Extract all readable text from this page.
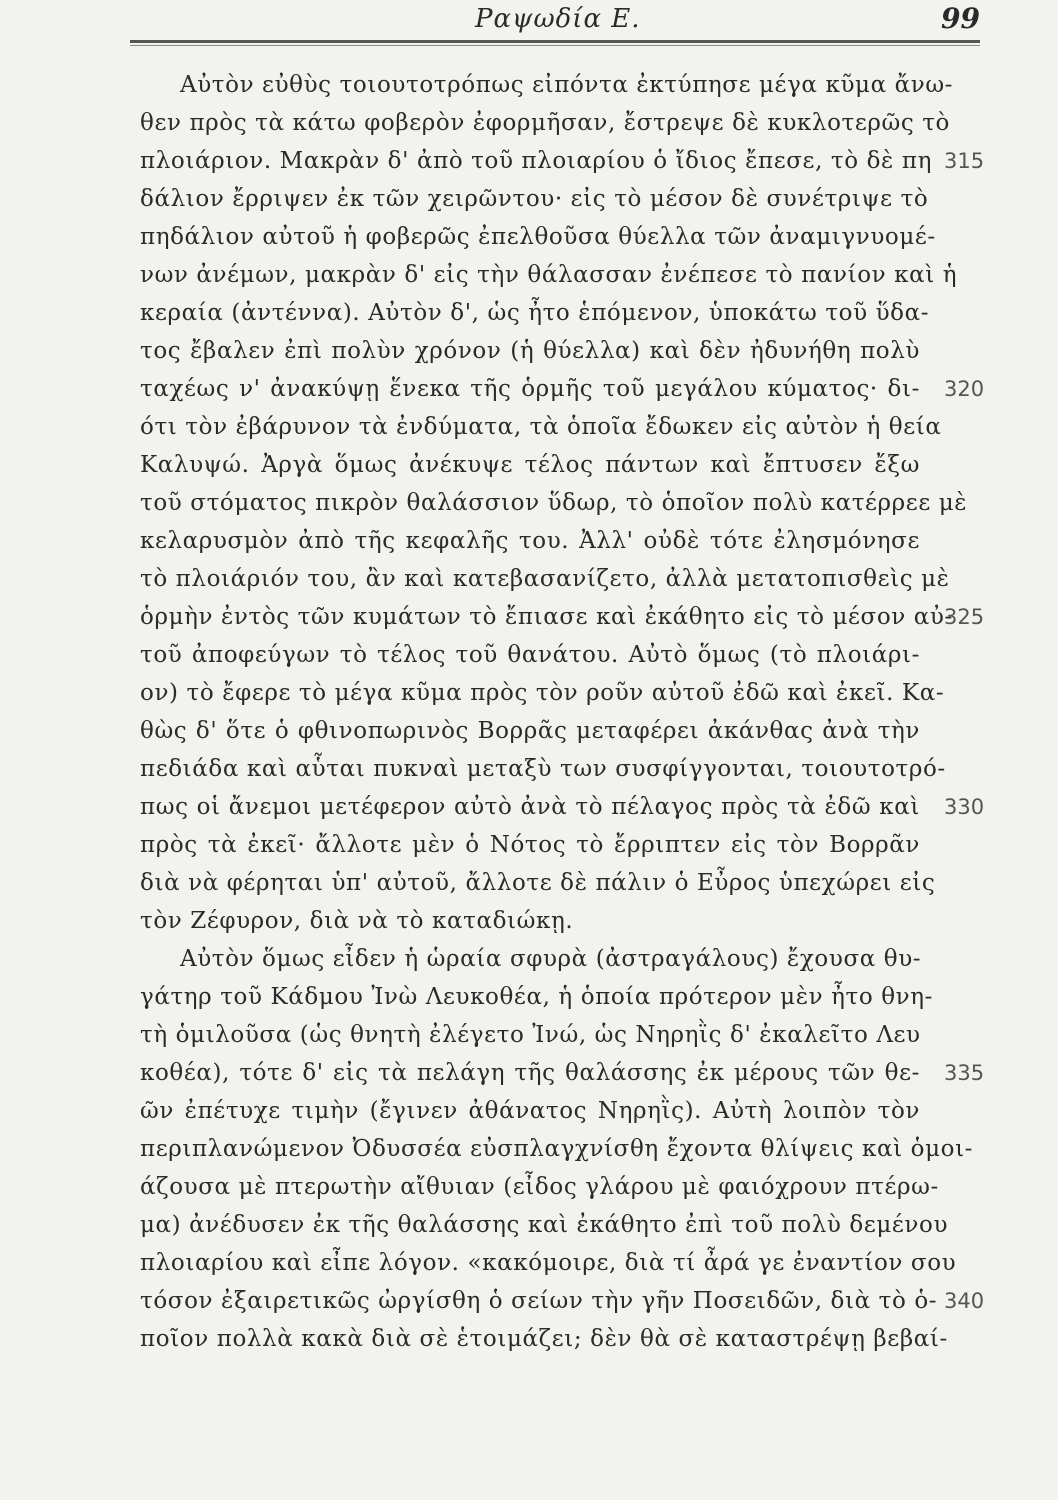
Ραψωδία Ε.	99
Αὐτὸν εὐθὺς τοιουτοτρόπως εἰπόντα ἐκτύπησε μέγα κῦμα ἄνω-
θεν πρὸς τὰ κάτω φοβερὸν ἐφορμῆσαν, ἔστρεψε δὲ κυκλοτερῶς τὸ
πλοιάριον. Μακρὰν δ' ἀπὸ τοῦ πλοιαρίου ὁ ἴδιος ἔπεσε, τὸ δὲ πη
δάλιον ἔρριψεν ἐκ τῶν χειρῶντου· εἰς τὸ μέσον δὲ συνέτριψε τὸ
πηδάλιον αὐτοῦ ἡ φοβερῶς ἐπελθοῦσα θύελλα τῶν ἀναμιγνυομέ-
νων ἀνέμων, μακρὰν δ' εἰς τὴν θάλασσαν ἐνέπεσε τὸ πανίον καὶ ἡ
κεραία (ἀντέννα). Αὐτὸν δ', ὡς ἦτο ἑπόμενον, ὑποκάτω τοῦ ὕδα-
τος ἔβαλεν ἐπὶ πολὺν χρόνον (ἡ θύελλα) καὶ δὲν ἠδυνήθη πολὺ
ταχέως ν' ἀνακύψῃ ἕνεκα τῆς ὁρμῆς τοῦ μεγάλου κύματος· δι-
ότι τὸν ἐβάρυνον τὰ ἐνδύματα, τὰ ὁποῖα ἔδωκεν εἰς αὐτὸν ἡ θεία
Καλυψώ. Ἀργὰ ὅμως ἀνέκυψε τέλος πάντων καὶ ἔπτυσεν ἔξω
τοῦ στόματος πικρὸν θαλάσσιον ὕδωρ, τὸ ὁποῖον πολὺ κατέρρεε μὲ
κελαρυσμὸν ἀπὸ τῆς κεφαλῆς του. Ἀλλ' οὐδὲ τότε ἐλησμόνησε
τὸ πλοιάριόν του, ἂν καὶ κατεβασανίζετο, ἀλλὰ μετατοπισθεὶς μὲ
ὁρμὴν ἐντὸς τῶν κυμάτων τὸ ἔπιασε καὶ ἐκάθητο εἰς τὸ μέσον αὐ-
τοῦ ἀποφεύγων τὸ τέλος τοῦ θανάτου. Αὐτὸ ὅμως (τὸ πλοιάρι-
ον) τὸ ἔφερε τὸ μέγα κῦμα πρὸς τὸν ροῦν αὐτοῦ ἐδῶ καὶ ἐκεῖ. Κα-
θὼς δ' ὅτε ὁ φθινοπωρινὸς Βορρᾶς μεταφέρει ἀκάνθας ἀνὰ τὴν
πεδιάδα καὶ αὗται πυκναὶ μεταξὺ των συσφίγγονται, τοιουτοτρό-
πως οἱ ἄνεμοι μετέφερον αὐτὸ ἀνὰ τὸ πέλαγος πρὸς τὰ ἐδῶ καὶ
πρὸς τὰ ἐκεῖ· ἄλλοτε μὲν ὁ Νότος τὸ ἔρριπτεν εἰς τὸν Βορρᾶν
διὰ νὰ φέρηται ὑπ' αὐτοῦ, ἄλλοτε δὲ πάλιν ὁ Εὖρος ὑπεχώρει εἰς
τὸν Ζέφυρον, διὰ νὰ τὸ καταδιώκῃ.
Αὐτὸν ὅμως εἶδεν ἡ ὡραία σφυρὰ (ἀστραγάλους) ἔχουσα θυ-
γάτηρ τοῦ Κάδμου Ἰνὼ Λευκοθέα, ἡ ὁποία πρότερον μὲν ἦτο θνη-
τὴ ὁμιλοῦσα (ὡς θνητὴ ἐλέγετο Ἰνώ, ὡς Νηρηῒς δ' ἐκαλεῖτο Λευ
κοθέα), τότε δ' εἰς τὰ πελάγη τῆς θαλάσσης ἐκ μέρους τῶν θε-
ῶν ἐπέτυχε τιμὴν (ἔγινεν ἀθάνατος Νηρηῒς). Αὐτὴ λοιπὸν τὸν
περιπλανώμενον Ὀδυσσέα εὐσπλαγχνίσθη ἔχοντα θλίψεις καὶ ὁμοι-
άζουσα μὲ πτερωτὴν αἴθυιαν (εἶδος γλάρου μὲ φαιόχρουν πτέρω-
μα) ἀνέδυσεν ἐκ τῆς θαλάσσης καὶ ἐκάθητο ἐπὶ τοῦ πολὺ δεμένου
πλοιαρίου καὶ εἶπε λόγον. «κακόμοιρε, διὰ τί ἆρά γε ἐναντίον σου
τόσον ἐξαιρετικῶς ὠργίσθη ὁ σείων τὴν γῆν Ποσειδῶν, διὰ τὸ ὁ-
ποῖον πολλὰ κακὰ διὰ σὲ ἑτοιμάζει; δὲν θὰ σὲ καταστρέψῃ βεβαί-
315
320
325
330
335
340
